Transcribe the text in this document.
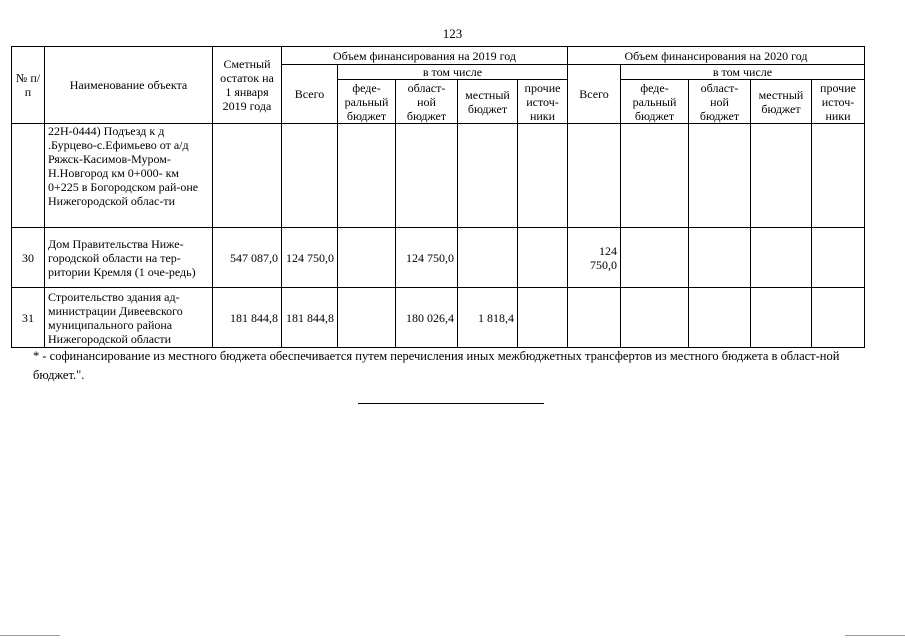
123
№ п/п	Наименование объекта	Сметный остаток на 1 января 2019 года	Объем финансирования на 2019 год					Объем финансирования на 2020 год				
			Всего	в том числе				Всего	в том числе			
				феде-ральный бюджет	област-ной бюджет	местный бюджет	прочие источ-ники		феде-ральный бюджет	област-ной бюджет	местный бюджет	прочие источ-ники
	22Н-0444) Подъезд к д .Бурцево-с.Ефимьево от а/д Ряжск-Касимов-Муром-Н.Новгород км 0+000- км 0+225 в Богородском рай-оне Нижегородской облас-ти											
30	Дом Правительства Ниже-городской области на тер-ритории Кремля (1 оче-редь)	547 087,0	124 750,0		124 750,0			124 750,0				
31	Строительство здания ад-министрации Дивеевского муниципального района Нижегородской области	181 844,8	181 844,8		180 026,4	1 818,4						
* - софинансирование из местного бюджета обеспечивается путем перечисления иных межбюджетных трансфертов из местного бюджета в област-ной бюджет.".
